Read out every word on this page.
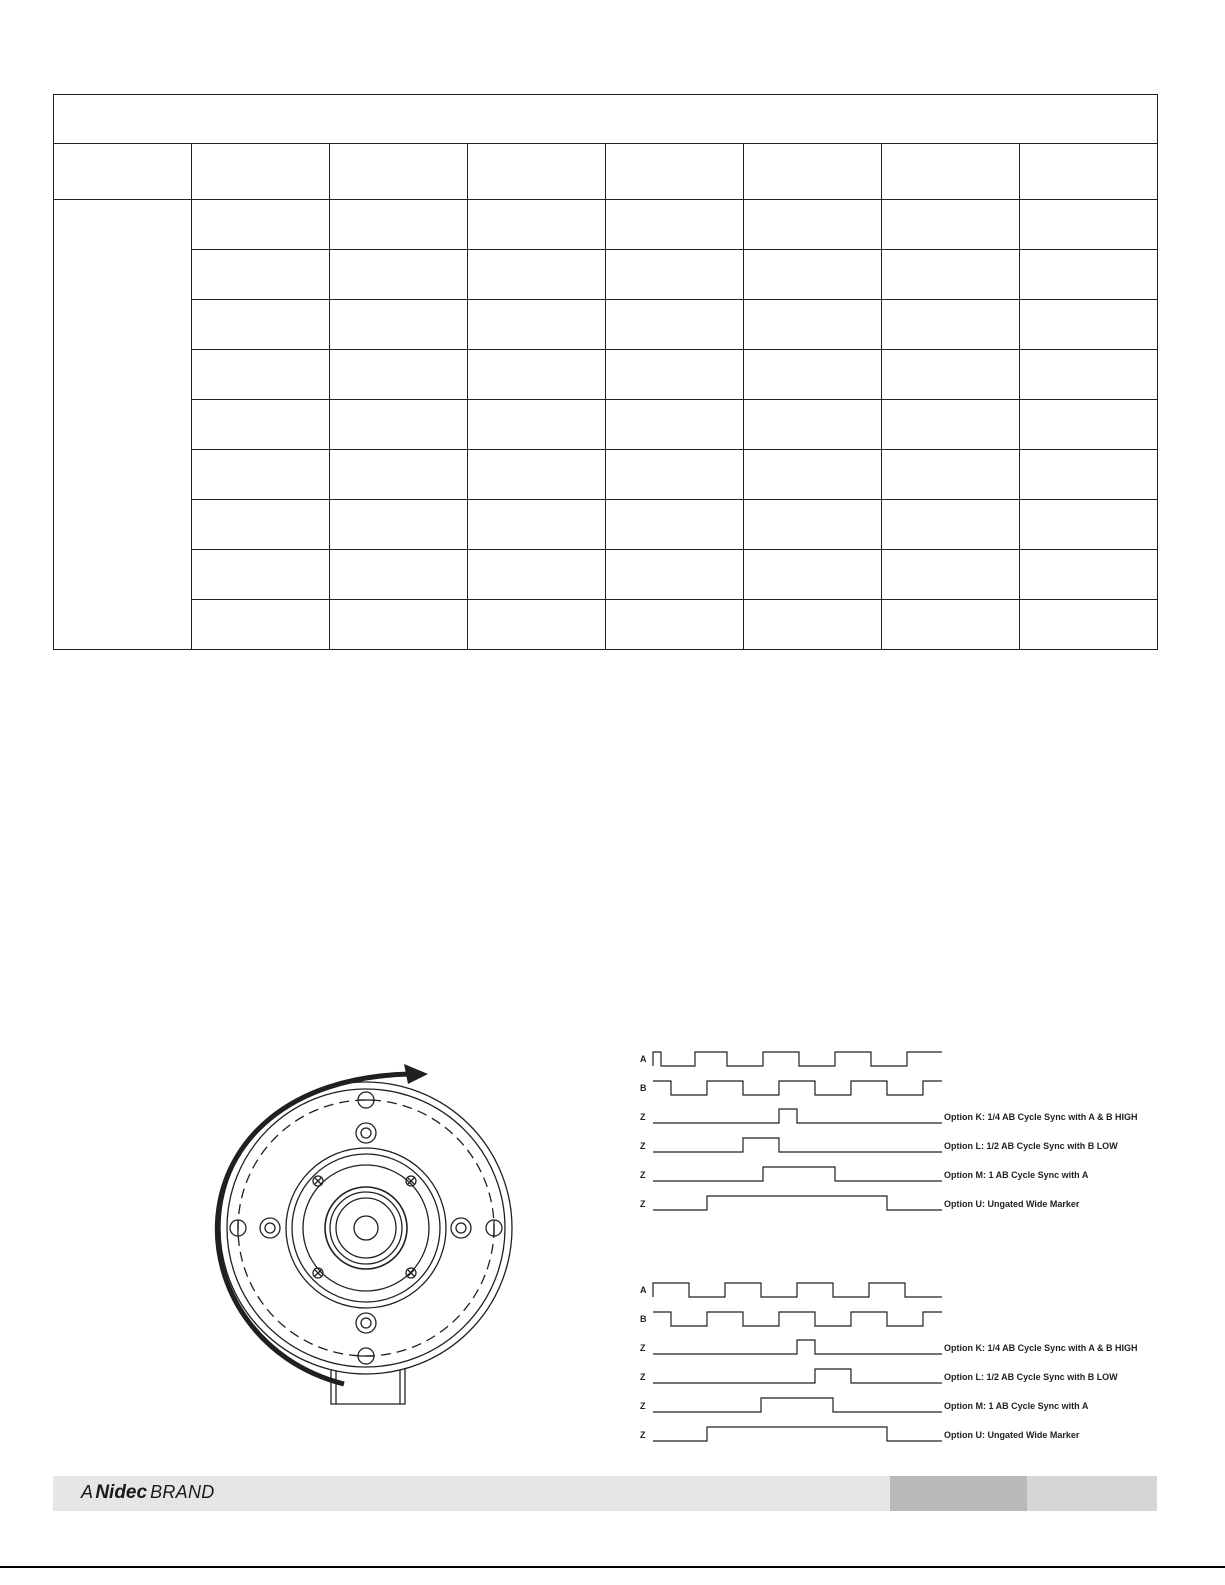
A
B
Z
Z
Z
Z
Option K: 1/4 AB Cycle Sync with A & B HIGH
Option L: 1/2 AB Cycle Sync with B LOW
Option M: 1 AB Cycle Sync with A
Option U: Ungated Wide Marker
A
B
Z
Z
Z
Z
Option K: 1/4 AB Cycle Sync with A & B HIGH
Option L: 1/2 AB Cycle Sync with B LOW
Option M: 1 AB Cycle Sync with A
Option U: Ungated Wide Marker
A Nidec BRAND
